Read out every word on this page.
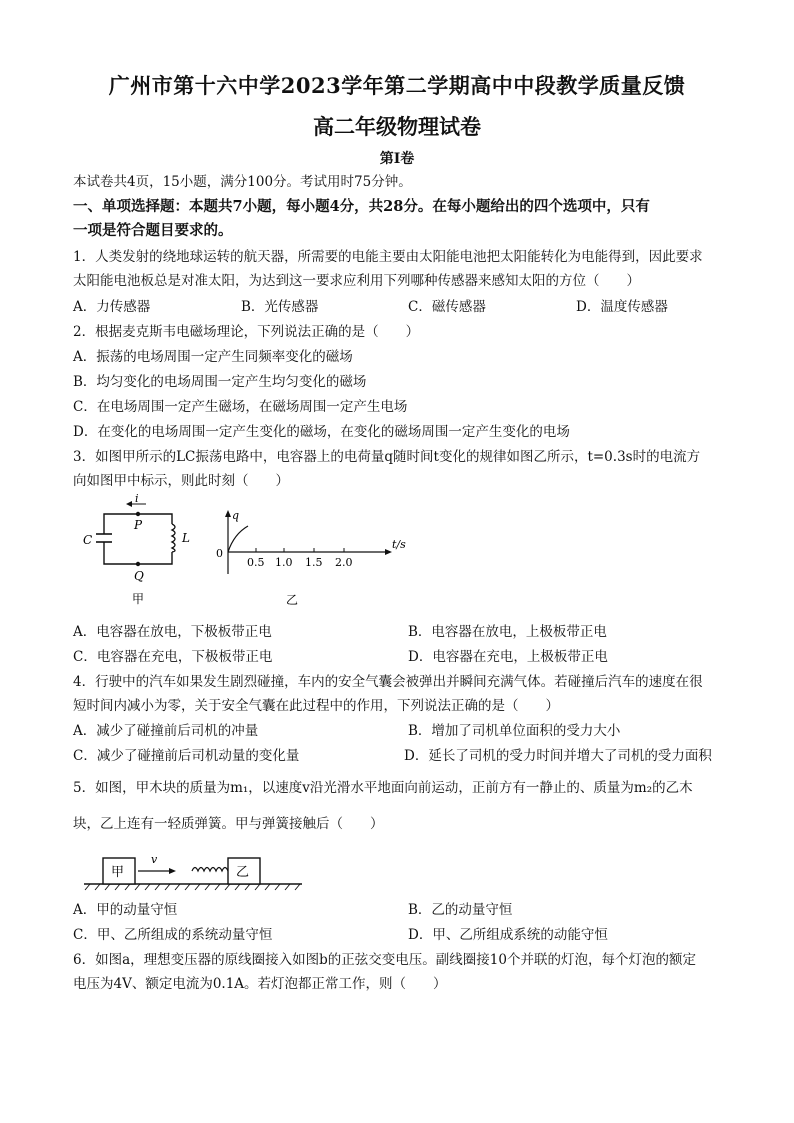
广州市第十六中学2023学年第二学期高中中段教学质量反馈
高二年级物理试卷
第Ⅰ卷
本试卷共4页，15小题，满分100分。考试用时75分钟。
一、单项选择题：本题共7小题，每小题4分，共28分。在每小题给出的四个选项中，只有
一项是符合题目要求的。
1．人类发射的绕地球运转的航天器，所需要的电能主要由太阳能电池把太阳能转化为电能得到，因此要求
太阳能电池板总是对准太阳，为达到这一要求应利用下列哪种传感器来感知太阳的方位（　　）
A．力传感器	B．光传感器	C．磁传感器	D．温度传感器
2．根据麦克斯韦电磁场理论，下列说法正确的是（　　）
A．振荡的电场周围一定产生同频率变化的磁场
B．均匀变化的电场周围一定产生均匀变化的磁场
C．在电场周围一定产生磁场，在磁场周围一定产生电场
D．在变化的电场周围一定产生变化的磁场，在变化的磁场周围一定产生变化的电场
3．如图甲所示的LC振荡电路中，电容器上的电荷量q随时间t变化的规律如图乙所示，t=0.3s时的电流方
向如图甲中标示，则此时刻（　　）
i
P
Q
L
C
甲
q
0
t/s
0.5 1.0 1.5 2.0
乙
A．电容器在放电，下极板带正电	B．电容器在放电，上极板带正电
C．电容器在充电，下极板带正电	D．电容器在充电，上极板带正电
4．行驶中的汽车如果发生剧烈碰撞，车内的安全气囊会被弹出并瞬间充满气体。若碰撞后汽车的速度在很
短时间内减小为零，关于安全气囊在此过程中的作用，下列说法正确的是（　　）
A．减少了碰撞前后司机的冲量	B．增加了司机单位面积的受力大小
C．减少了碰撞前后司机动量的变化量	D．延长了司机的受力时间并增大了司机的受力面积
5．如图，甲木块的质量为m₁，以速度v沿光滑水平地面向前运动，正前方有一静止的、质量为m₂的乙木
块，乙上连有一轻质弹簧。甲与弹簧接触后（　　）
甲
v
乙
A．甲的动量守恒	B．乙的动量守恒
C．甲、乙所组成的系统动量守恒	D．甲、乙所组成系统的动能守恒
6．如图a，理想变压器的原线圈接入如图b的正弦交变电压。副线圈接10个并联的灯泡，每个灯泡的额定
电压为4V、额定电流为0.1A。若灯泡都正常工作，则（　　）
